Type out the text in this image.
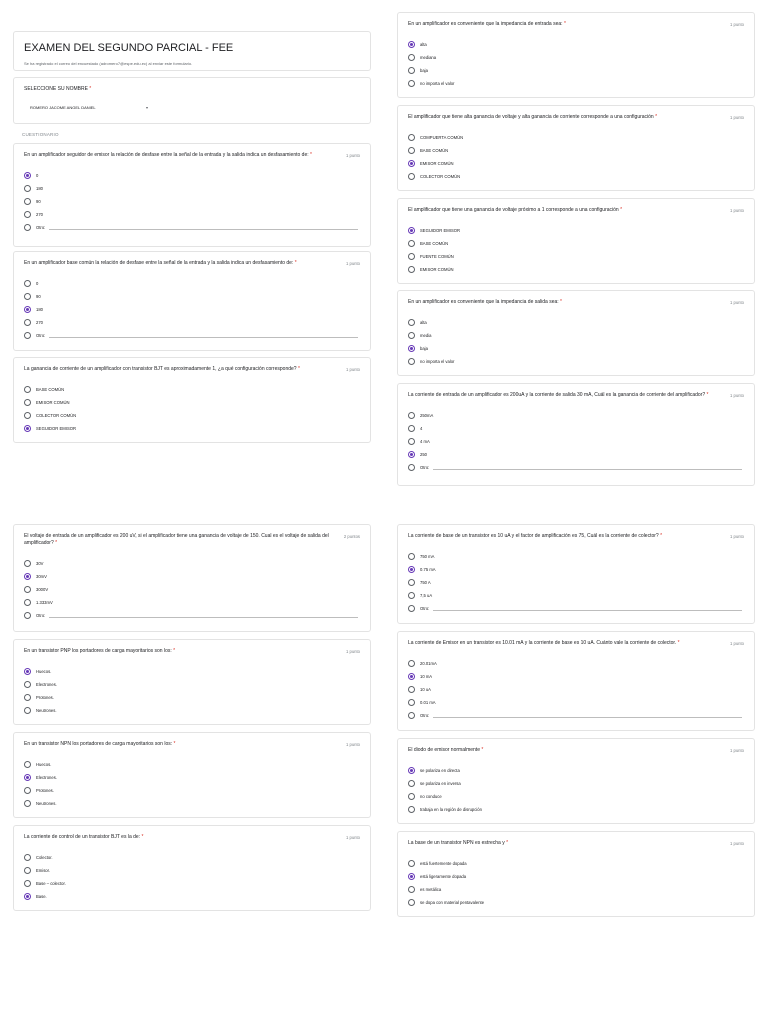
EXAMEN DEL SEGUNDO PARCIAL - FEE
Se ha registrado el correo del encuestado (adromero7@espe.edu.ec) al enviar este formulario.
SELECCIONE SU NOMBRE *
ROMERO JACOME ANGEL DANIEL	▾
CUESTIONARIO
En un amplificador seguidor de emisor la relación de desfase entre la señal de la entrada y la salida indica un desfasamiento de: *	1 punto
0
180
90
270
Otro:
En un amplificador base común la relación de desfase entre la señal de la entrada y la salida indica un desfasamiento de: *	1 punto
0
90
180
270
Otro:
La ganancia de corriente de un amplificador con transistor BJT es aproximadamente 1, ¿a qué configuración corresponde? *	1 punto
BASE COMÚN
EMISOR COMÚN
COLECTOR COMÚN
SEGUIDOR EMISOR
En un amplificador es conveniente que la impedancia de entrada sea: *	1 punto
alta
mediana
baja
no importa el valor
El amplificador que tiene alta ganancia de voltaje y alta ganancia de corriente corresponde a una configuración *	1 punto
COMPUERTA COMÚN
BASE COMÚN
EMISOR COMÚN
COLECTOR COMÚN
El amplificador que tiene una ganancia de voltaje próximo a 1 corresponde a una configuración *	1 punto
SEGUIDOR EMISOR
BASE COMÚN
FUENTE COMÚN
EMISOR COMÚN
En un amplificador es conveniente que la impedancia de salida sea: *	1 punto
alta
media
baja
no importa el valor
La corriente de entrada de un amplificador es 200uA y la corriente de salida 30 mA, Cuál es la ganancia de corriente del amplificador? *	1 punto
250mA
4
4 mA
250
Otro:
El voltaje de entrada de un amplificador es 200 uV, si el amplificador tiene una ganancia de voltaje de 150. Cual es el voltaje de salida del amplificador? *
2 puntos
30V
30mV
3000V
1.333mV
Otro:
En un transistor PNP los portadores de carga mayoritarios son los: *	1 punto
Huecos.
Electrones.
Protones.
Neutrones.
En un transistor NPN los portadores de carga mayoritarios son los: *	1 punto
Huecos.
Electrones.
Protones.
Neutrones.
La corriente de control de un transistor BJT es la de: *	1 punto
Colector.
Emisor.
Base – colector.
Base.
La corriente de base de un transistor es 10 uA y el factor de amplificación es 75, Cuál es la corriente de colector? *	1 punto
750 mA
0.75 mA
750 A
7,5 uA
Otro:
La corriente de Emisor en un transistor es 10.01 mA y la corriente de base es 10 uA. Cuánto vale la corriente de colector. *	1 punto
20.01mA
10 mA
10 uA
0.01 mA
Otro:
El diodo de emisor normalmente *	1 punto
se polariza en directa
se polariza en inversa
no conduce
trabaja en la región de disrupción
La base de un transistor NPN es estrecha y *	1 punto
está fuertemente dopada
está ligeramente dopada
es metálica
se dopa con material pentavalente
